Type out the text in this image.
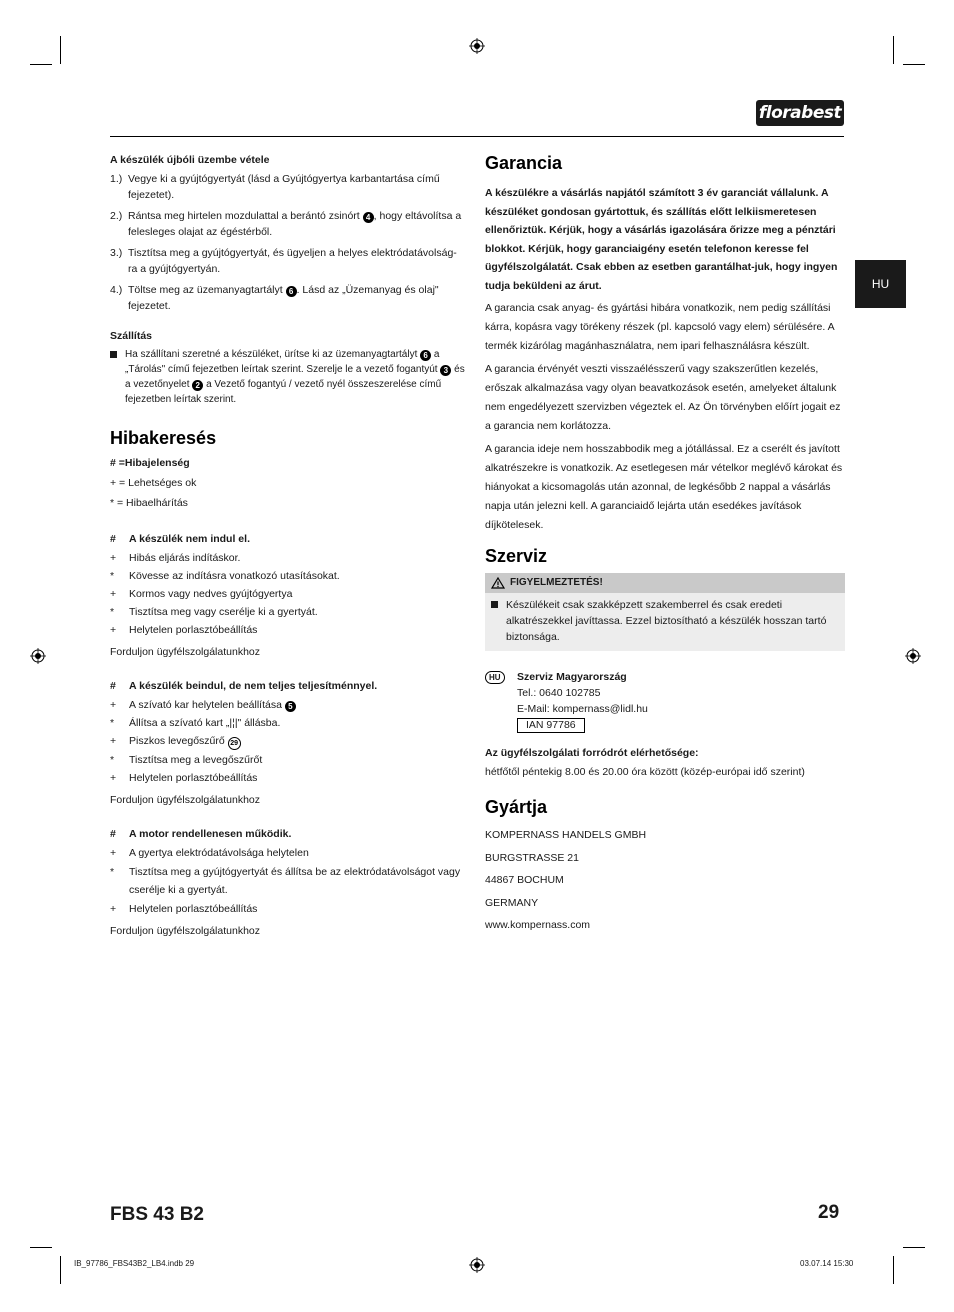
florabest
HU

A készülék újbóli üzembe vétele

1.) Vegye ki a gyújtógyertyát (lásd a Gyújtógyertya karbantartása című fejezetet).
2.) Rántsa meg hirtelen mozdulattal a berántó zsinórt 4 , hogy eltávolítsa a felesleges olajat az égéstérből.
3.) Tisztítsa meg a gyújtógyertyát, és ügyeljen a helyes elektródatávolság-ra a gyújtógyertyán.
4.) Töltse meg az üzemanyagtartályt 6 . Lásd az „Üzemanyag és olaj" fejezetet.

Szállítás

Ha szállítani szeretné a készüléket, ürítse ki az üzemanyagtartályt 6 a „Tárolás" című fejezetben leírtak szerint. Szerelje le a vezető fogantyút 3 és a vezetőnyelet 2 a Vezető fogantyú / vezető nyél összeszerelése című fejezetben leírtak szerint.
Hibakeresés

# =Hibajelenség

+ = Lehetséges ok

* = Hibaelhárítás

#	A készülék nem indul el.
+	Hibás eljárás indításkor.
*	Kövesse az indításra vonatkozó utasításokat.
+	Kormos vagy nedves gyújtógyertya
*	Tisztítsa meg vagy cserélje ki a gyertyát.
+	Helytelen porlasztóbeállítás

Forduljon ügyfélszolgálatunkhoz

#	A készülék beindul, de nem teljes teljesítménnyel.
+	A szívató kar helytelen beállítása 5
*	Állítsa a szívató kart „|¦|" állásba.
+	Piszkos levegőszűrő 29
*	Tisztítsa meg a levegőszűrőt
+	Helytelen porlasztóbeállítás

Forduljon ügyfélszolgálatunkhoz

#	A motor rendellenesen működik.
+	A gyertya elektródatávolsága helytelen
*	Tisztítsa meg a gyújtógyertyát és állítsa be az elektródatávolságot vagy cserélje ki a gyertyát.
+	Helytelen porlasztóbeállítás

Forduljon ügyfélszolgálatunkhoz

Garancia

A készülékre a vásárlás napjától számított 3 év garanciát vállalunk. A készüléket gondosan gyártottuk, és szállítás előtt lelkiismeretesen ellenőriztük. Kérjük, hogy a vásárlás igazolására őrizze meg a pénztári blokkot. Kérjük, hogy garanciaigény esetén telefonon keresse fel ügyfélszolgálatát. Csak ebben az esetben garantálhat-juk, hogy ingyen tudja beküldeni az árut.

A garancia csak anyag- és gyártási hibára vonatkozik, nem pedig szállítási kárra, kopásra vagy törékeny részek (pl. kapcsoló vagy elem) sérülésére. A termék kizárólag magánhasználatra, nem ipari felhasználásra készült.

A garancia érvényét veszti visszaélésszerű vagy szakszerűtlen kezelés, erőszak alkalmazása vagy olyan beavatkozások esetén, amelyeket általunk nem engedélyezett szervizben végeztek el. Az Ön törvényben előírt jogait ez a garancia nem korlátozza.

A garancia ideje nem hosszabbodik meg a jótállással. Ez a cserélt és javított alkatrészekre is vonatkozik. Az esetlegesen már vételkor meglévő károkat és hiányokat a kicsomagolás után azonnal, de legkésőbb 2 nappal a vásárlás napja után jelezni kell. A garanciaidő lejárta után esedékes javítások díjkötelesek.

Szerviz
FIGYELMEZTETÉS!
Készülékeit csak szakképzett szakemberrel és csak eredeti alkatrészekkel javíttassa. Ezzel biztosítható a készülék hosszan tartó biztonsága.
HU	Szerviz Magyarország

Tel.: 0640 102785

E-Mail: kompernass@lidl.hu

IAN 97786

Az ügyfélszolgálati forródrót elérhetősége:

hétfőtől péntekig 8.00 és 20.00 óra között (közép-európai idő szerint)

Gyártja

KOMPERNASS HANDELS GMBH

BURGSTRASSE 21

44867 BOCHUM

GERMANY

www.kompernass.com

FBS 43 B2	29
IB_97786_FBS43B2_LB4.indb 29	03.07.14 15:30
